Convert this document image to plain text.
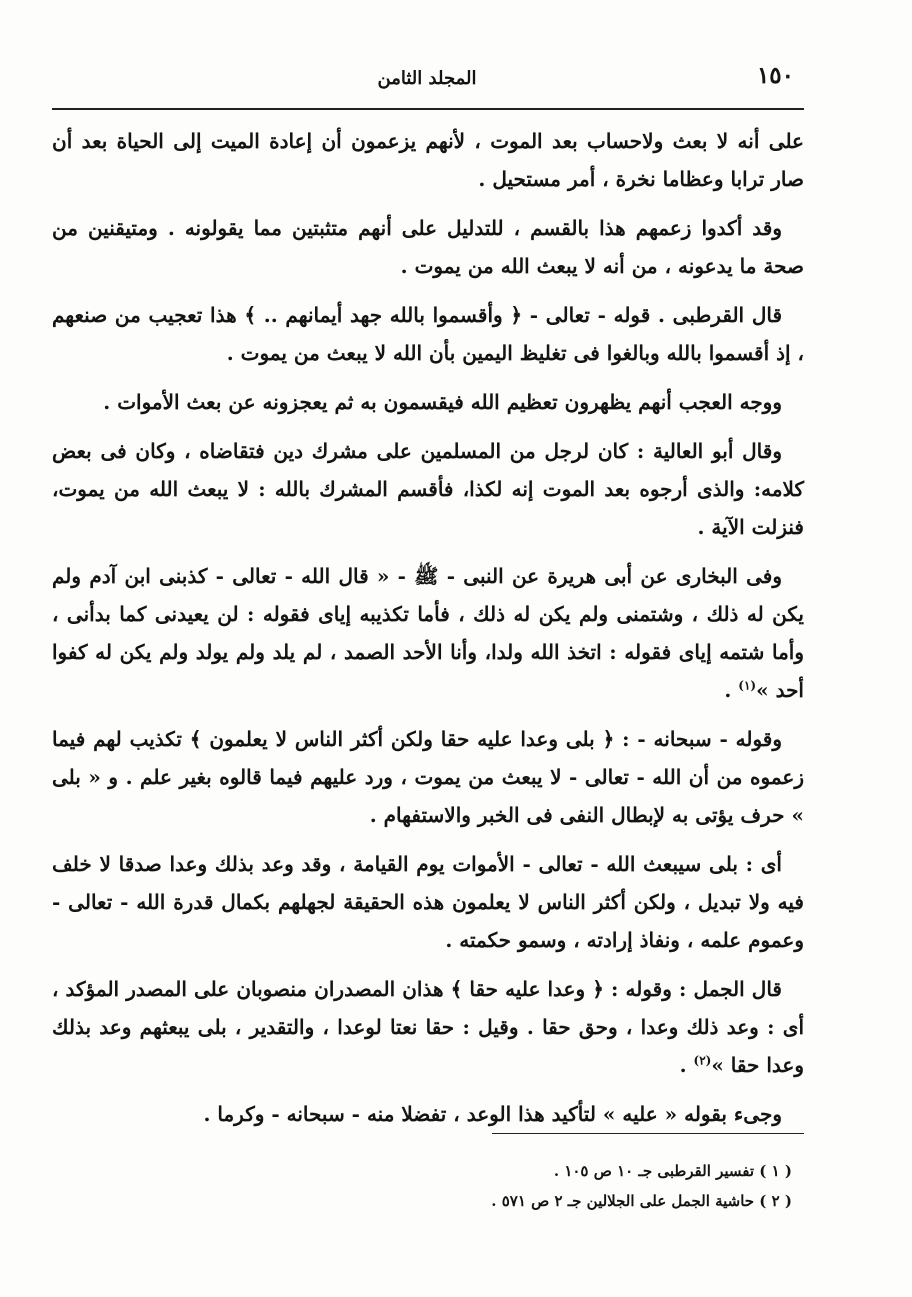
١٥٠
المجلد الثامن

على أنه لا بعث ولاحساب بعد الموت ، لأنهم يزعمون أن إعادة الميت إلى الحياة بعد أن صار ترابا وعظاما نخرة ، أمر مستحيل .

وقد أكدوا زعمهم هذا بالقسم ، للتدليل على أنهم متثبتين مما يقولونه . ومتيقنين من صحة ما يدعونه ، من أنه لا يبعث الله من يموت .

قال القرطبى . قوله - تعالى - ﴿ وأقسموا بالله جهد أيمانهم .. ﴾ هذا تعجيب من صنعهم ، إذ أقسموا بالله وبالغوا فى تغليظ اليمين بأن الله لا يبعث من يموت .

ووجه العجب أنهم يظهرون تعظيم الله فيقسمون به ثم يعجزونه عن بعث الأموات .

وقال أبو العالية : كان لرجل من المسلمين على مشرك دين فتقاضاه ، وكان فى بعض كلامه: والذى أرجوه بعد الموت إنه لكذا، فأقسم المشرك بالله : لا يبعث الله من يموت، فنزلت الآية .

وفى البخارى عن أبى هريرة عن النبى - ﷺ - « قال الله - تعالى - كذبنى ابن آدم ولم يكن له ذلك ، وشتمنى ولم يكن له ذلك ، فأما تكذيبه إياى فقوله : لن يعيدنى كما بدأنى ، وأما شتمه إياى فقوله : اتخذ الله ولدا، وأنا الأحد الصمد ، لم يلد ولم يولد ولم يكن له كفوا أحد »$^{(١)}$ .

وقوله - سبحانه - : ﴿ بلى وعدا عليه حقا ولكن أكثر الناس لا يعلمون ﴾ تكذيب لهم فيما زعموه من أن الله - تعالى - لا يبعث من يموت ، ورد عليهم فيما قالوه بغير علم . و « بلى » حرف يؤتى به لإبطال النفى فى الخبر والاستفهام .

أى : بلى سيبعث الله - تعالى - الأموات يوم القيامة ، وقد وعد بذلك وعدا صدقا لا خلف فيه ولا تبديل ، ولكن أكثر الناس لا يعلمون هذه الحقيقة لجهلهم بكمال قدرة الله - تعالى - وعموم علمه ، ونفاذ إرادته ، وسمو حكمته .

قال الجمل : وقوله : ﴿ وعدا عليه حقا ﴾ هذان المصدران منصوبان على المصدر المؤكد ، أى : وعد ذلك وعدا ، وحق حقا . وقيل : حقا نعتا لوعدا ، والتقدير ، بلى يبعثهم وعد بذلك وعدا حقا »$^{(٢)}$ .

وجىء بقوله « عليه » لتأكيد هذا الوعد ، تفضلا منه - سبحانه - وكرما .

( ١ ) تفسير القرطبى جـ ١٠ ص ١٠٥ .
( ٢ ) حاشية الجمل على الجلالين جـ ٢ ص ٥٧١ .
